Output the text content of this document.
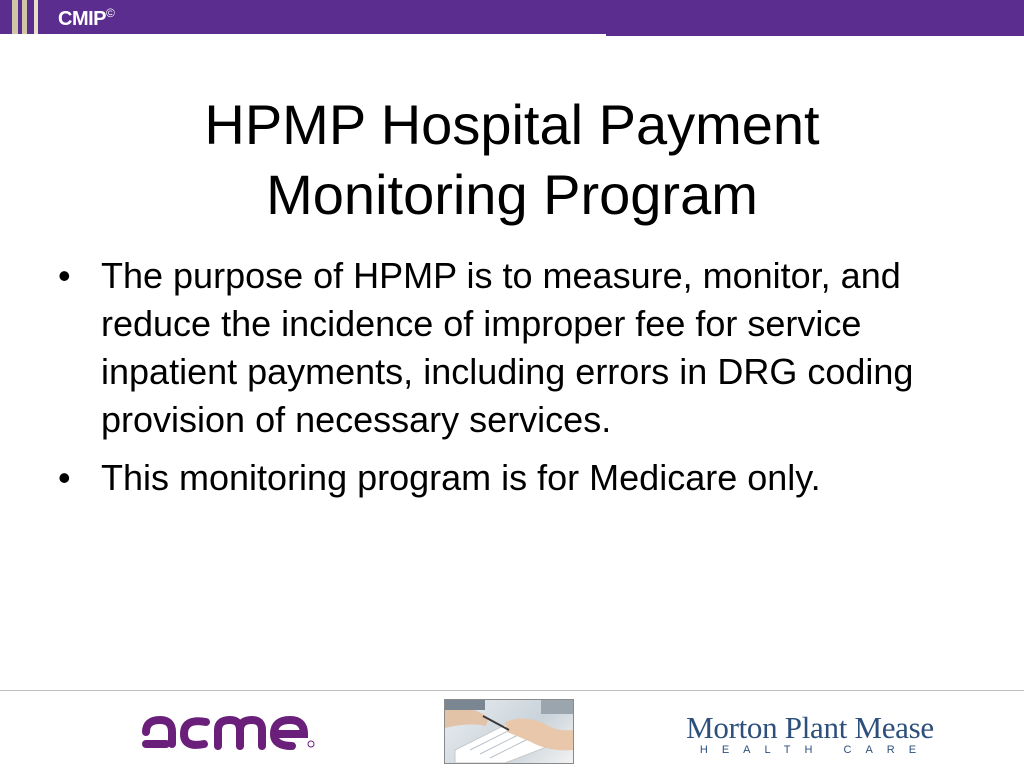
CMIP©
HPMP Hospital Payment
Monitoring Program
• The purpose of HPMP is to measure, monitor, and reduce the incidence of improper fee for service inpatient payments, including errors in DRG coding provision of necessary services.
• This monitoring program is for Medicare only.
Morton Plant Mease
HEALTH CARE
